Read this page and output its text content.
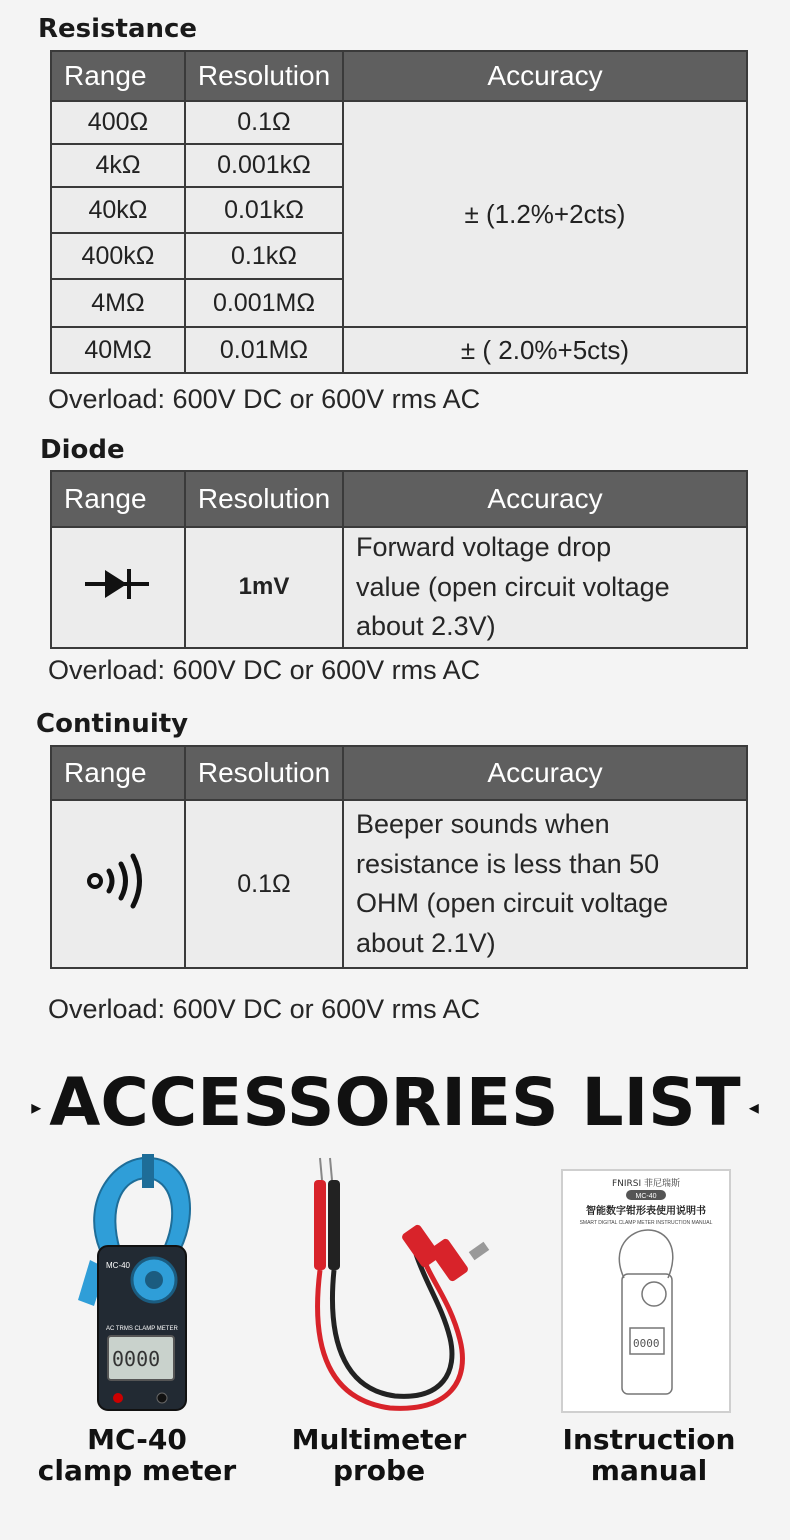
Resistance
Range	Resolution	Accuracy
400Ω	0.1Ω	± (1.2%+2cts)
4kΩ	0.001kΩ	
40kΩ	0.01kΩ	
400kΩ	0.1kΩ	
4MΩ	0.001MΩ	
40MΩ	0.01MΩ	± ( 2.0%+5cts)
Overload: 600V DC or 600V rms AC
Diode
Range	Resolution	Accuracy
	1mV	Forward voltage drop
value (open circuit voltage
about 2.3V)
Overload: 600V DC or 600V rms AC
Continuity
Range	Resolution	Accuracy
	0.1Ω	Beeper sounds when
resistance is less than 50
OHM (open circuit voltage
about 2.1V)
Overload: 600V DC or 600V rms AC
▸ ACCESSORIES LIST ◂
MC-40
AC TRMS CLAMP METER
0000
MC-40
clamp meter
Multimeter
probe
FNIRSI 菲尼瑞斯
MC-40
智能数字钳形表使用说明书
SMART DIGITAL CLAMP METER INSTRUCTION MANUAL
0000
Instruction
manual
